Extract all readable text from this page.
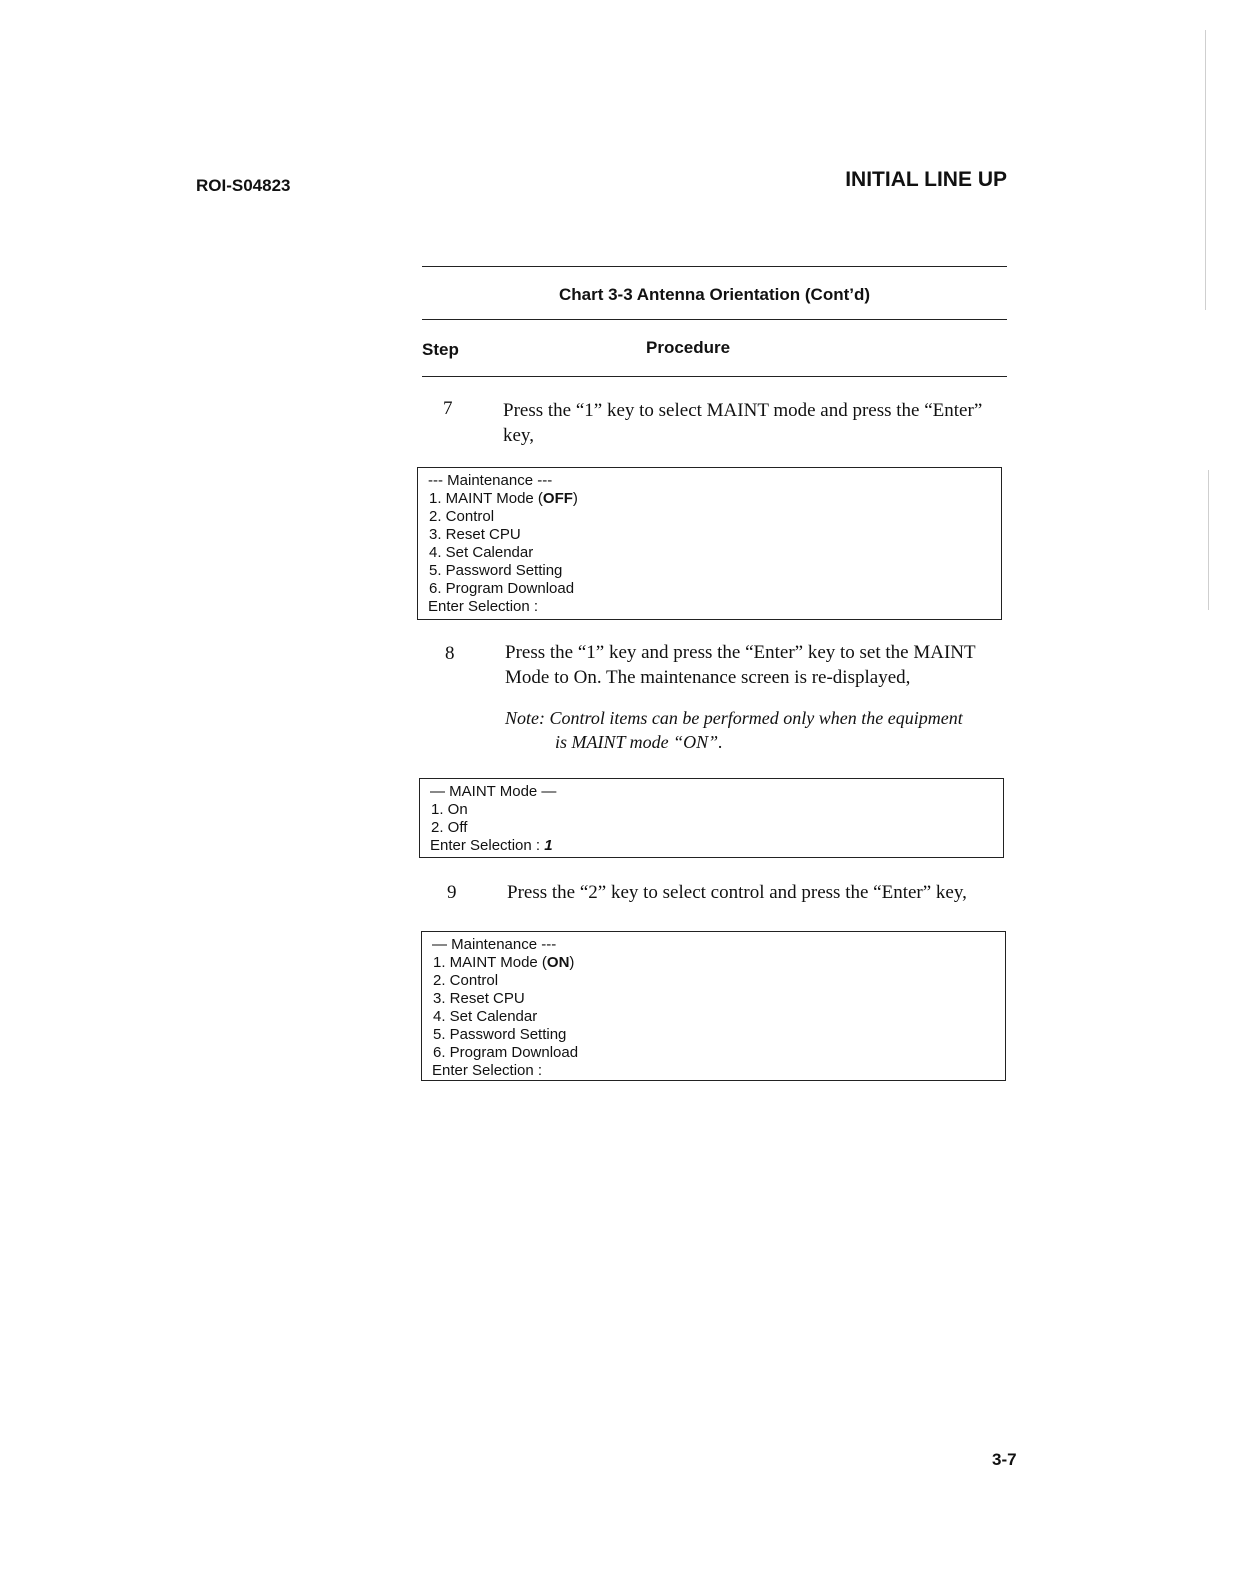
ROI-S04823	INITIAL LINE UP
Chart 3-3 Antenna Orientation (Cont’d)
Step	Procedure
7	Press the “1” key to select MAINT mode and press the “Enter” key,
--- Maintenance ---
1. MAINT Mode (OFF)
2. Control
3. Reset CPU
4. Set Calendar
5. Password Setting
6. Program Download
Enter Selection :
8	Press the “1” key and press the “Enter” key to set the MAINT Mode to On. The maintenance screen is re-displayed,
Note: Control items can be performed only when the equipment
is MAINT mode “ON”.
— MAINT Mode —
1. On
2. Off
Enter Selection : 1
9	Press the “2” key to select control and press the “Enter” key,
— Maintenance ---
1. MAINT Mode (ON)
2. Control
3. Reset CPU
4. Set Calendar
5. Password Setting
6. Program Download
Enter Selection :
3-7
